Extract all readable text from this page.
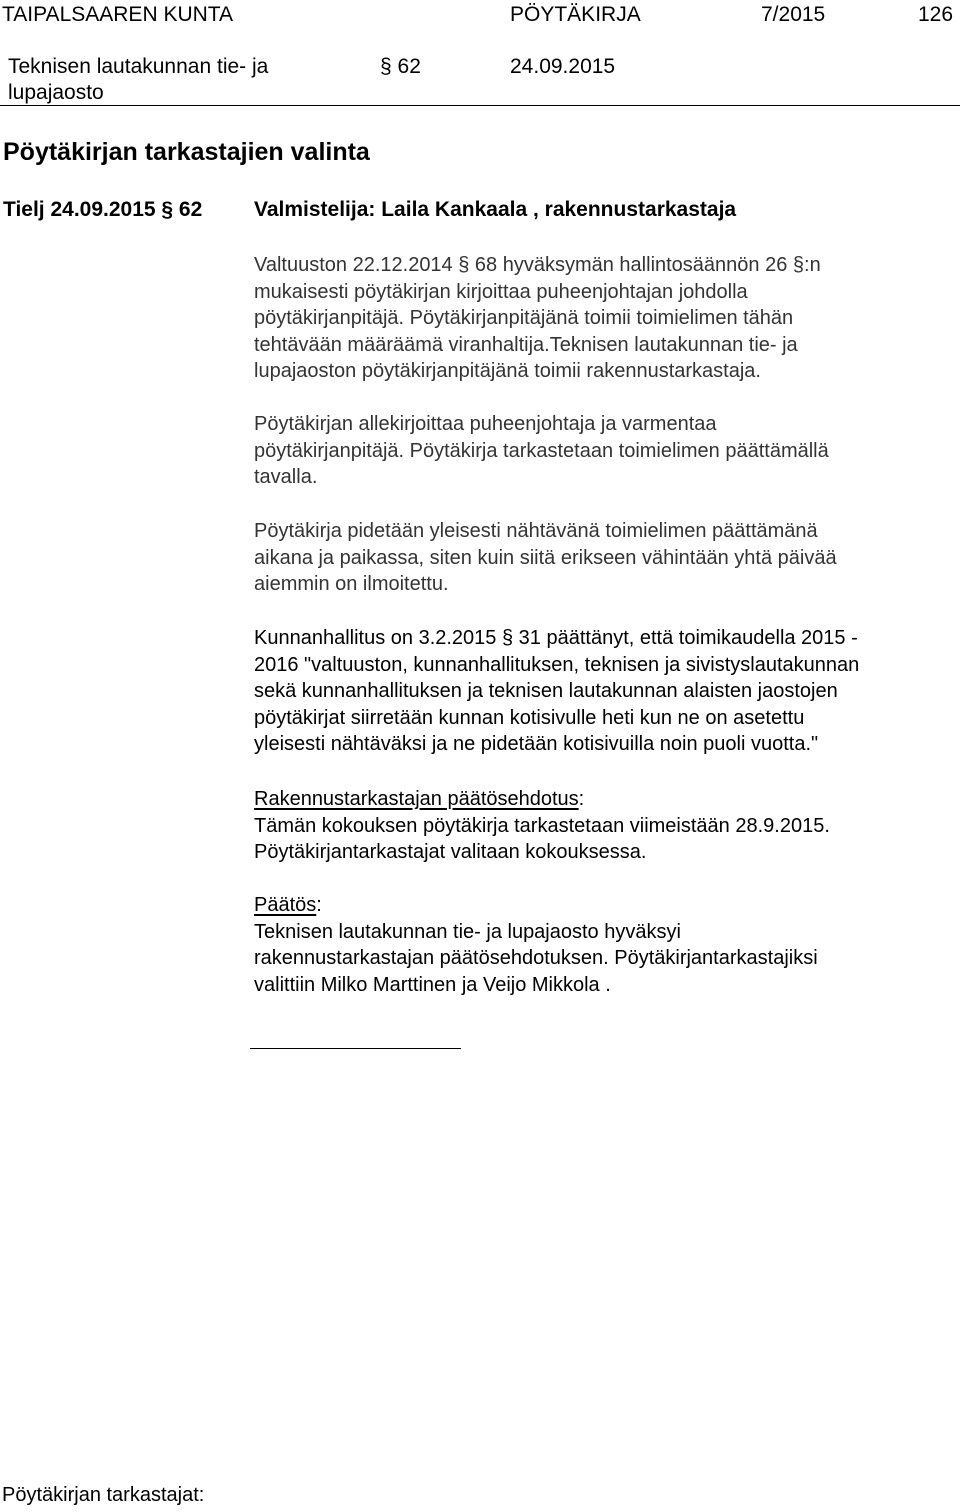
TAIPALSAAREN KUNTA	PÖYTÄKIRJA	7/2015	126
Teknisen lautakunnan tie- ja
lupajaosto
§ 62	24.09.2015
Pöytäkirjan tarkastajien valinta
Tielj 24.09.2015 § 62 Valmistelija: Laila Kankaala , rakennustarkastaja
Valtuuston 22.12.2014 § 68 hyväksymän hallintosäännön 26 §:n
mukaisesti pöytäkirjan kirjoittaa puheenjohtajan johdolla
pöytäkirjanpitäjä. Pöytäkirjanpitäjänä toimii toimielimen tähän
tehtävään määräämä viranhaltija.Teknisen lautakunnan tie- ja
lupajaoston pöytäkirjanpitäjänä toimii rakennustarkastaja.
Pöytäkirjan allekirjoittaa puheenjohtaja ja varmentaa
pöytäkirjanpitäjä. Pöytäkirja tarkastetaan toimielimen päättämällä
tavalla.
Pöytäkirja pidetään yleisesti nähtävänä toimielimen päättämänä
aikana ja paikassa, siten kuin siitä erikseen vähintään yhtä päivää
aiemmin on ilmoitettu.
Kunnanhallitus on 3.2.2015 § 31 päättänyt, että toimikaudella 2015 -
2016 "valtuuston, kunnanhallituksen, teknisen ja sivistyslautakunnan
sekä kunnanhallituksen ja teknisen lautakunnan alaisten jaostojen
pöytäkirjat siirretään kunnan kotisivulle heti kun ne on asetettu
yleisesti nähtäväksi ja ne pidetään kotisivuilla noin puoli vuotta."
Rakennustarkastajan päätösehdotus:
Tämän kokouksen pöytäkirja tarkastetaan viimeistään 28.9.2015.
Pöytäkirjantarkastajat valitaan kokouksessa.
Päätös:
Teknisen lautakunnan tie- ja lupajaosto hyväksyi
rakennustarkastajan päätösehdotuksen. Pöytäkirjantarkastajiksi
valittiin Milko Marttinen ja Veijo Mikkola .
Pöytäkirjan tarkastajat:
